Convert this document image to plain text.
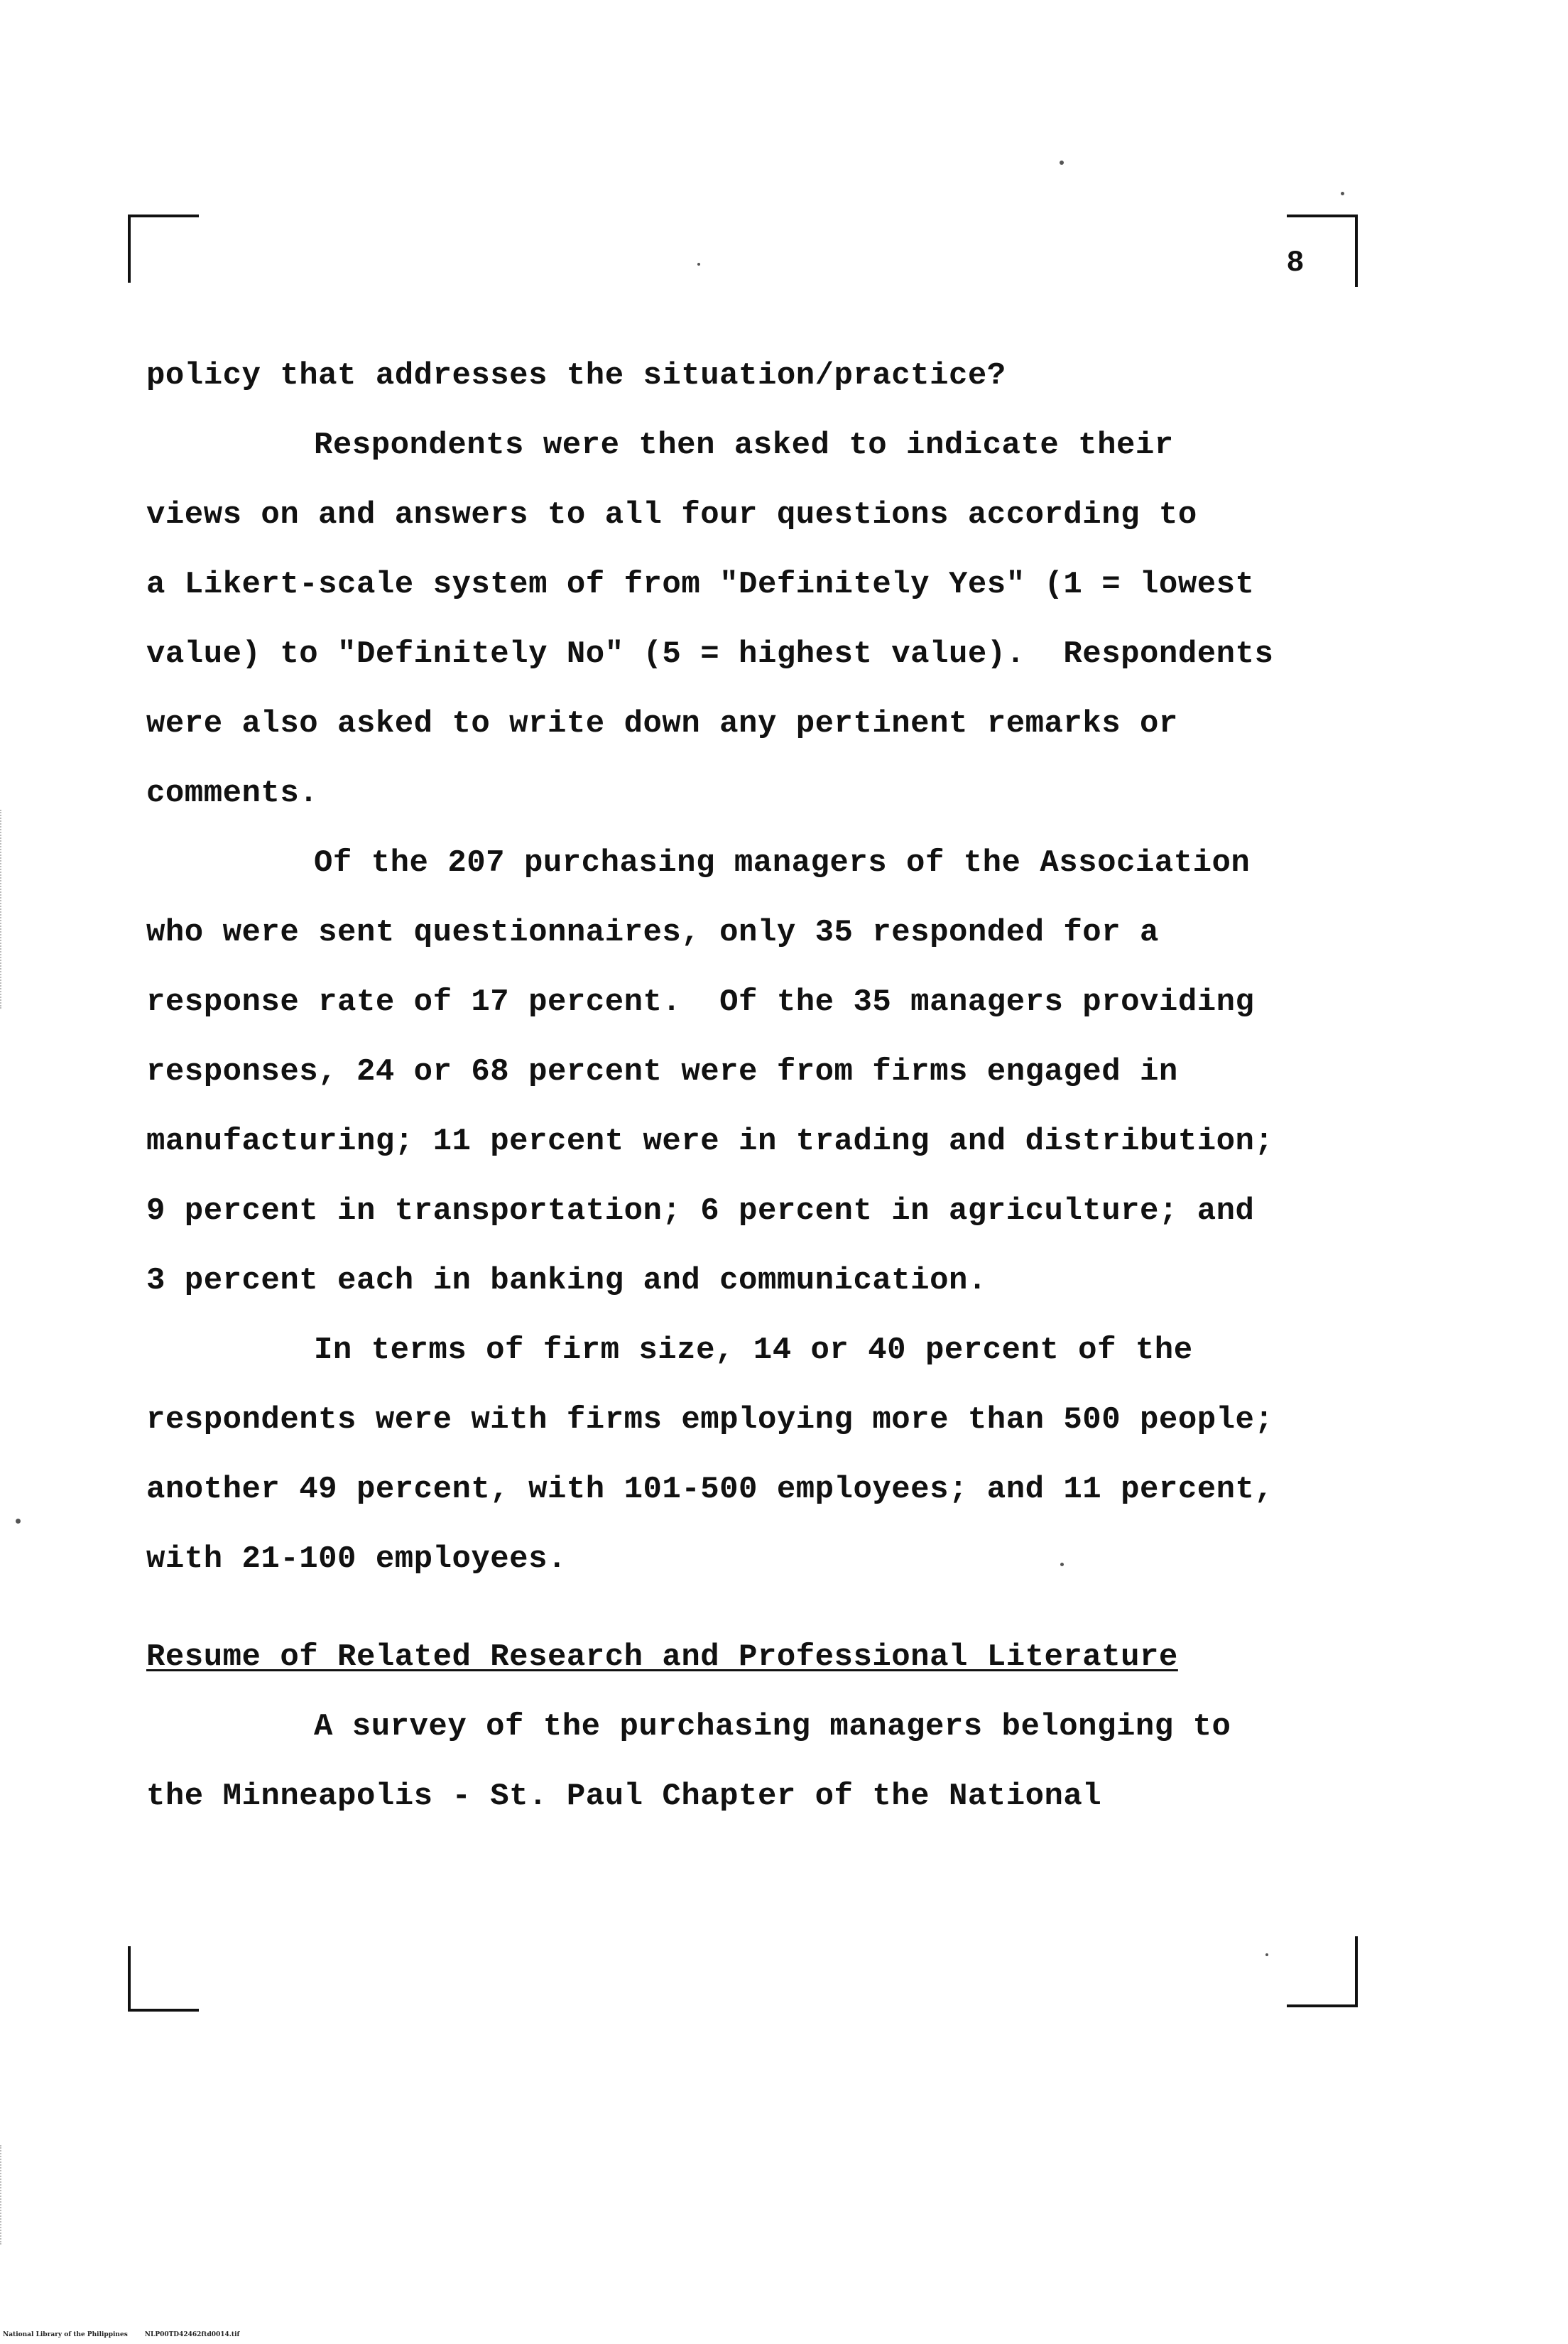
8
policy that addresses the situation/practice?
Respondents were then asked to indicate their
views on and answers to all four questions according to
a Likert-scale system of from "Definitely Yes" (1 = lowest
value) to "Definitely No" (5 = highest value).  Respondents
were also asked to write down any pertinent remarks or
comments.
Of the 207 purchasing managers of the Association
who were sent questionnaires, only 35 responded for a
response rate of 17 percent.  Of the 35 managers providing
responses, 24 or 68 percent were from firms engaged in
manufacturing; 11 percent were in trading and distribution;
9 percent in transportation; 6 percent in agriculture; and
3 percent each in banking and communication.
In terms of firm size, 14 or 40 percent of the
respondents were with firms employing more than 500 people;
another 49 percent, with 101-500 employees; and 11 percent,
with 21-100 employees.
Resume of Related Research and Professional Literature
A survey of the purchasing managers belonging to
the Minneapolis - St. Paul Chapter of the National
National Library of the Philippines	NLP00TD42462ftd0014.tif
